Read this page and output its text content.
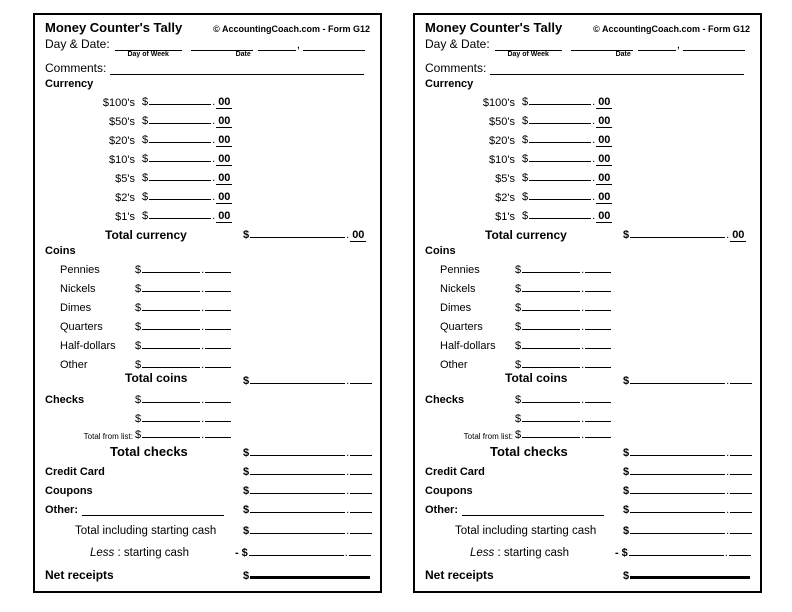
Money Counter's Tally	© AccountingCoach.com - Form G12
Day & Date:
Day of Week	Date
,
Comments:
Currency
$100's $	. 00
$50's $	. 00
$20's $	. 00
$10's $	. 00
$5's $	. 00
$2's $	. 00
$1's $	. 00
Total currency	$	. 00
Coins
Pennies	$	.
Nickels	$	.
Dimes	$	.
Quarters	$	.
Half-dollars $	.
Other	$	.
Total coins	$	.
Checks	$	.
$	.
Total from list: $	.
Total checks	$	.
Credit Card	$	.
Coupons	$	.
Other:	$	.
Total including starting cash $	.
Less : starting cash	- $	.
Net receipts	$
Money Counter's Tally	© AccountingCoach.com - Form G12
Day & Date:
Day of Week	Date
,
Comments:
Currency
$100's $	. 00
$50's $	. 00
$20's $	. 00
$10's $	. 00
$5's $	. 00
$2's $	. 00
$1's $	. 00
Total currency	$	. 00
Coins
Pennies	$	.
Nickels	$	.
Dimes	$	.
Quarters	$	.
Half-dollars $	.
Other	$	.
Total coins	$	.
Checks	$	.
$	.
Total from list: $	.
Total checks	$	.
Credit Card	$	.
Coupons	$	.
Other:	$	.
Total including starting cash $	.
Less : starting cash	- $	.
Net receipts	$
